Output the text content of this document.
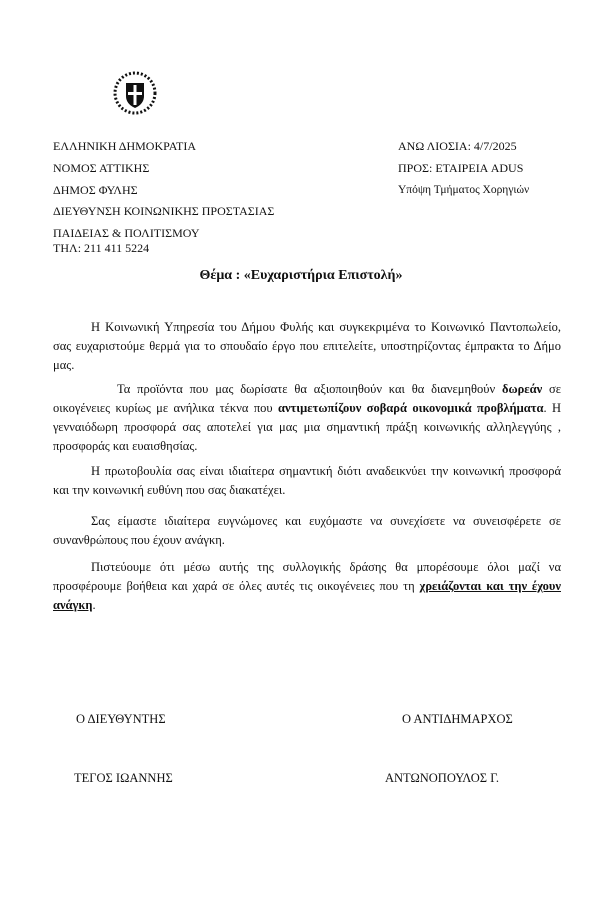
ΕΛΛΗΝΙΚΗ ΔΗΜΟΚΡΑΤΙΑ
ΝΟΜΟΣ ΑΤΤΙΚΗΣ
ΔΗΜΟΣ ΦΥΛΗΣ
ΔΙΕΥΘΥΝΣΗ ΚΟΙΝΩΝΙΚΗΣ ΠΡΟΣΤΑΣΙΑΣ
ΠΑΙΔΕΙΑΣ & ΠΟΛΙΤΙΣΜΟΥ
ΤΗΛ: 211 411 5224
ΑΝΩ ΛΙΟΣΙΑ: 4/7/2025
ΠΡΟΣ: ΕΤΑΙΡΕΙΑ ADUS
Υπόψη Τμήματος Χορηγιών
Θέμα : «Ευχαριστήρια Επιστολή»
Η Κοινωνική Υπηρεσία του Δήμου Φυλής και συγκεκριμένα το Κοινωνικό Παντοπωλείο, σας ευχαριστούμε θερμά για το σπουδαίο έργο που επιτελείτε, υποστηρίζοντας έμπρακτα το Δήμο μας.
Τα προϊόντα που μας δωρίσατε θα αξιοποιηθούν και θα διανεμηθούν δωρεάν σε οικογένειες κυρίως με ανήλικα τέκνα που αντιμετωπίζουν σοβαρά οικονομικά προβλήματα. Η γενναιόδωρη προσφορά σας αποτελεί για μας μια σημαντική πράξη κοινωνικής αλληλεγγύης , προσφοράς και ευαισθησίας.
Η πρωτοβουλία σας είναι ιδιαίτερα σημαντική διότι αναδεικνύει την κοινωνική προσφορά και την κοινωνική ευθύνη που σας διακατέχει.
Σας είμαστε ιδιαίτερα ευγνώμονες και ευχόμαστε να συνεχίσετε να συνεισφέρετε σε συνανθρώπους που έχουν ανάγκη.
Πιστεύουμε ότι μέσω αυτής της συλλογικής δράσης θα μπορέσουμε όλοι μαζί να προσφέρουμε βοήθεια και χαρά σε όλες αυτές τις οικογένειες που τη χρειάζονται και την έχουν ανάγκη.
Ο ΔΙΕΥΘΥΝΤΗΣ	Ο ΑΝΤΙΔΗΜΑΡΧΟΣ
ΤΕΓΟΣ ΙΩΑΝΝΗΣ	ΑΝΤΩΝΟΠΟΥΛΟΣ Γ.
